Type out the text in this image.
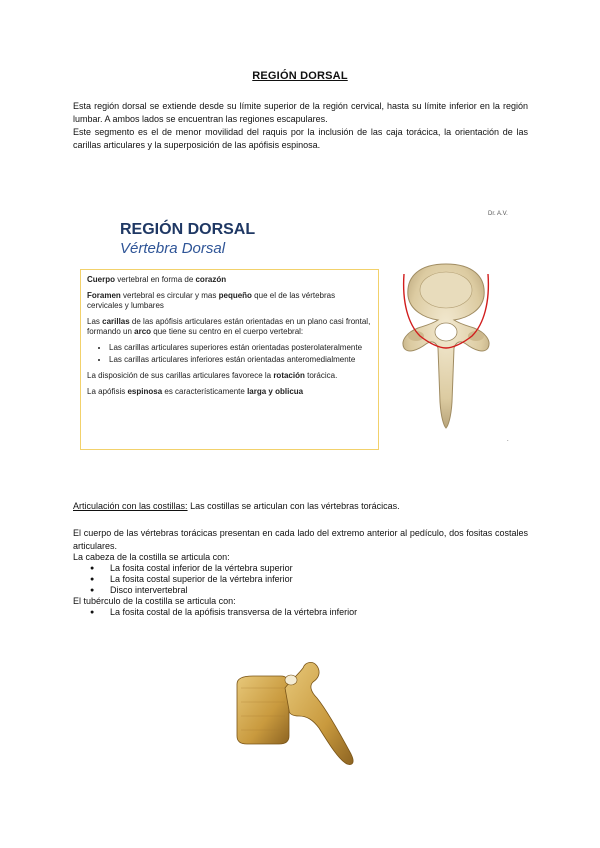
REGIÓN DORSAL

Esta región dorsal se extiende desde su límite superior de la región cervical, hasta su límite inferior en la región lumbar. A ambos lados se encuentran las regiones escapulares.

Este segmento es el de menor movilidad del raquis por la inclusión de las caja torácica, la orientación de las carillas articulares y la superposición de las apófisis espinosa.

Dr. A.V.
REGIÓN DORSAL
Vértebra Dorsal

Cuerpo vertebral en forma de corazón

Foramen vertebral es circular y mas pequeño que el de las vértebras cervicales y lumbares

Las carillas de las apófisis articulares están orientadas en un plano casi frontal, formando un arco que tiene su centro en el cuerpo vertebral:

• Las carillas articulares superiores están orientadas posterolateralmente
• Las carillas articulares inferiores están orientadas anteromedialmente

La disposición de sus carillas articulares favorece la rotación torácica.

La apófisis espinosa es característicamente larga y oblicua

.
Articulación con las costillas: Las costillas se articulan con las vértebras torácicas.
El cuerpo de las vértebras torácicas presentan en cada lado del extremo anterior al pedículo, dos fositas costales articulares.

La cabeza de la costilla se articula con:

● La fosita costal inferior de la vértebra superior
● La fosita costal superior de la vértebra inferior
● Disco intervertebral

El tubérculo de la costilla se articula con:

● La fosita costal de la apófisis transversa de la vértebra inferior
